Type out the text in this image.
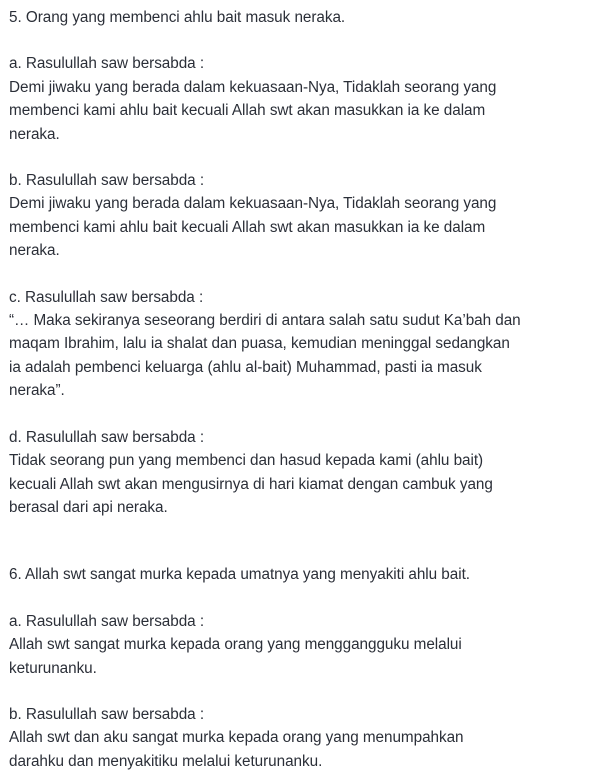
5. Orang yang membenci ahlu bait masuk neraka.

a. Rasulullah saw bersabda :

Demi jiwaku yang berada dalam kekuasaan-Nya, Tidaklah seorang yang
membenci kami ahlu bait kecuali Allah swt akan masukkan ia ke dalam
neraka.

b. Rasulullah saw bersabda :

Demi jiwaku yang berada dalam kekuasaan-Nya, Tidaklah seorang yang
membenci kami ahlu bait kecuali Allah swt akan masukkan ia ke dalam
neraka.

c. Rasulullah saw bersabda :

“… Maka sekiranya seseorang berdiri di antara salah satu sudut Ka’bah dan
maqam Ibrahim, lalu ia shalat dan puasa, kemudian meninggal sedangkan
ia adalah pembenci keluarga (ahlu al-bait) Muhammad, pasti ia masuk
neraka”.

d. Rasulullah saw bersabda :

Tidak seorang pun yang membenci dan hasud kepada kami (ahlu bait)
kecuali Allah swt akan mengusirnya di hari kiamat dengan cambuk yang
berasal dari api neraka.

6. Allah swt sangat murka kepada umatnya yang menyakiti ahlu bait.

a. Rasulullah saw bersabda :

Allah swt sangat murka kepada orang yang menggangguku melalui
keturunanku.

b. Rasulullah saw bersabda :

Allah swt dan aku sangat murka kepada orang yang menumpahkan
darahku dan menyakitiku melalui keturunanku.
